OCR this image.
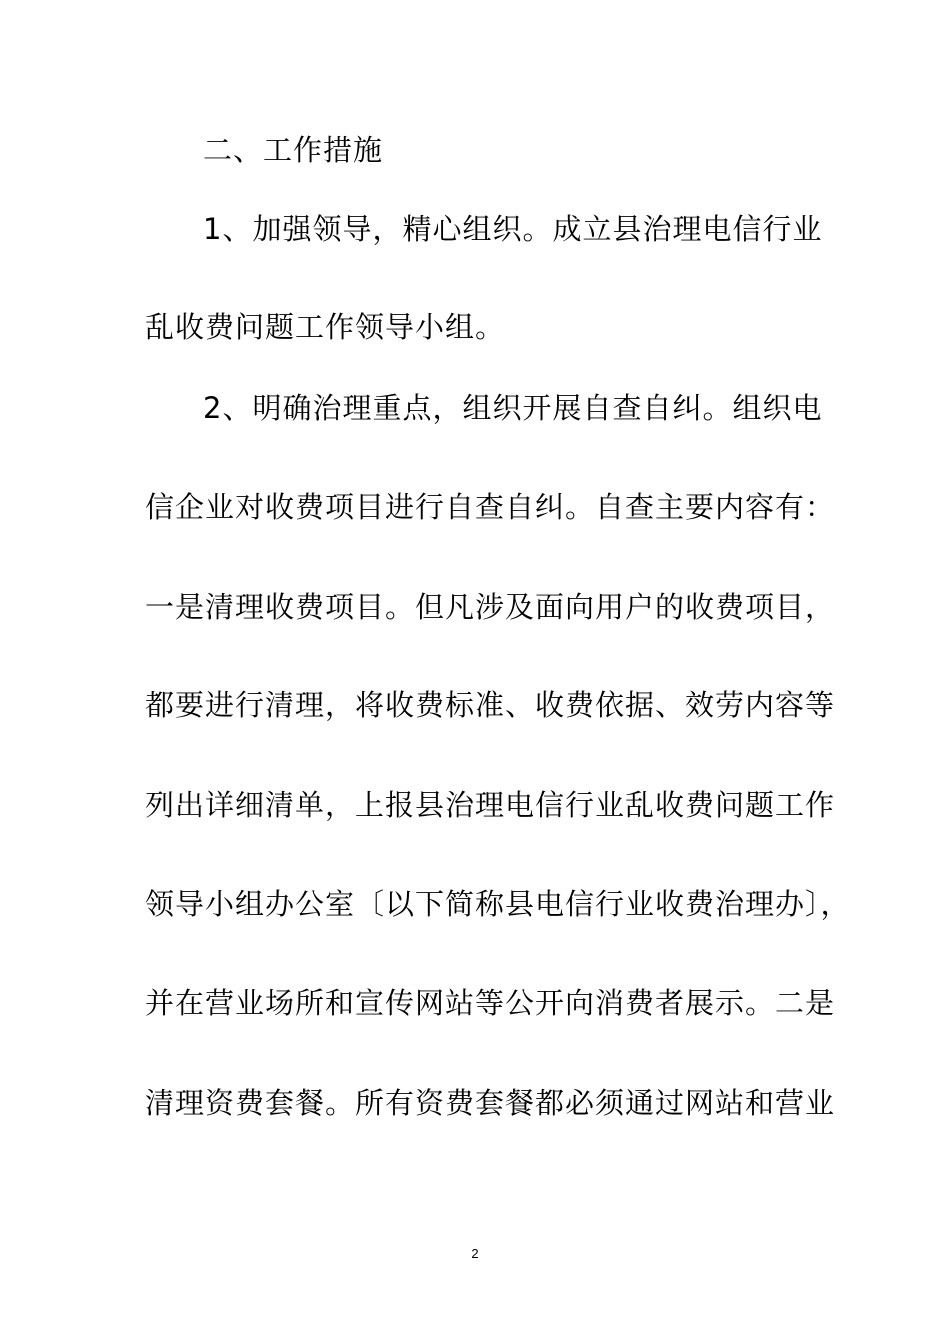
二、工作措施
1、加强领导，精心组织。成立县治理电信行业
乱收费问题工作领导小组。
2、明确治理重点，组织开展自查自纠。组织电
信企业对收费项目进行自查自纠。自查主要内容有：
一是清理收费项目。但凡涉及面向用户的收费项目，
都要进行清理，将收费标准、收费依据、效劳内容等
列出详细清单，上报县治理电信行业乱收费问题工作
领导小组办公室〔以下简称县电信行业收费治理办〕，
并在营业场所和宣传网站等公开向消费者展示。二是
清理资费套餐。所有资费套餐都必须通过网站和营业
2
